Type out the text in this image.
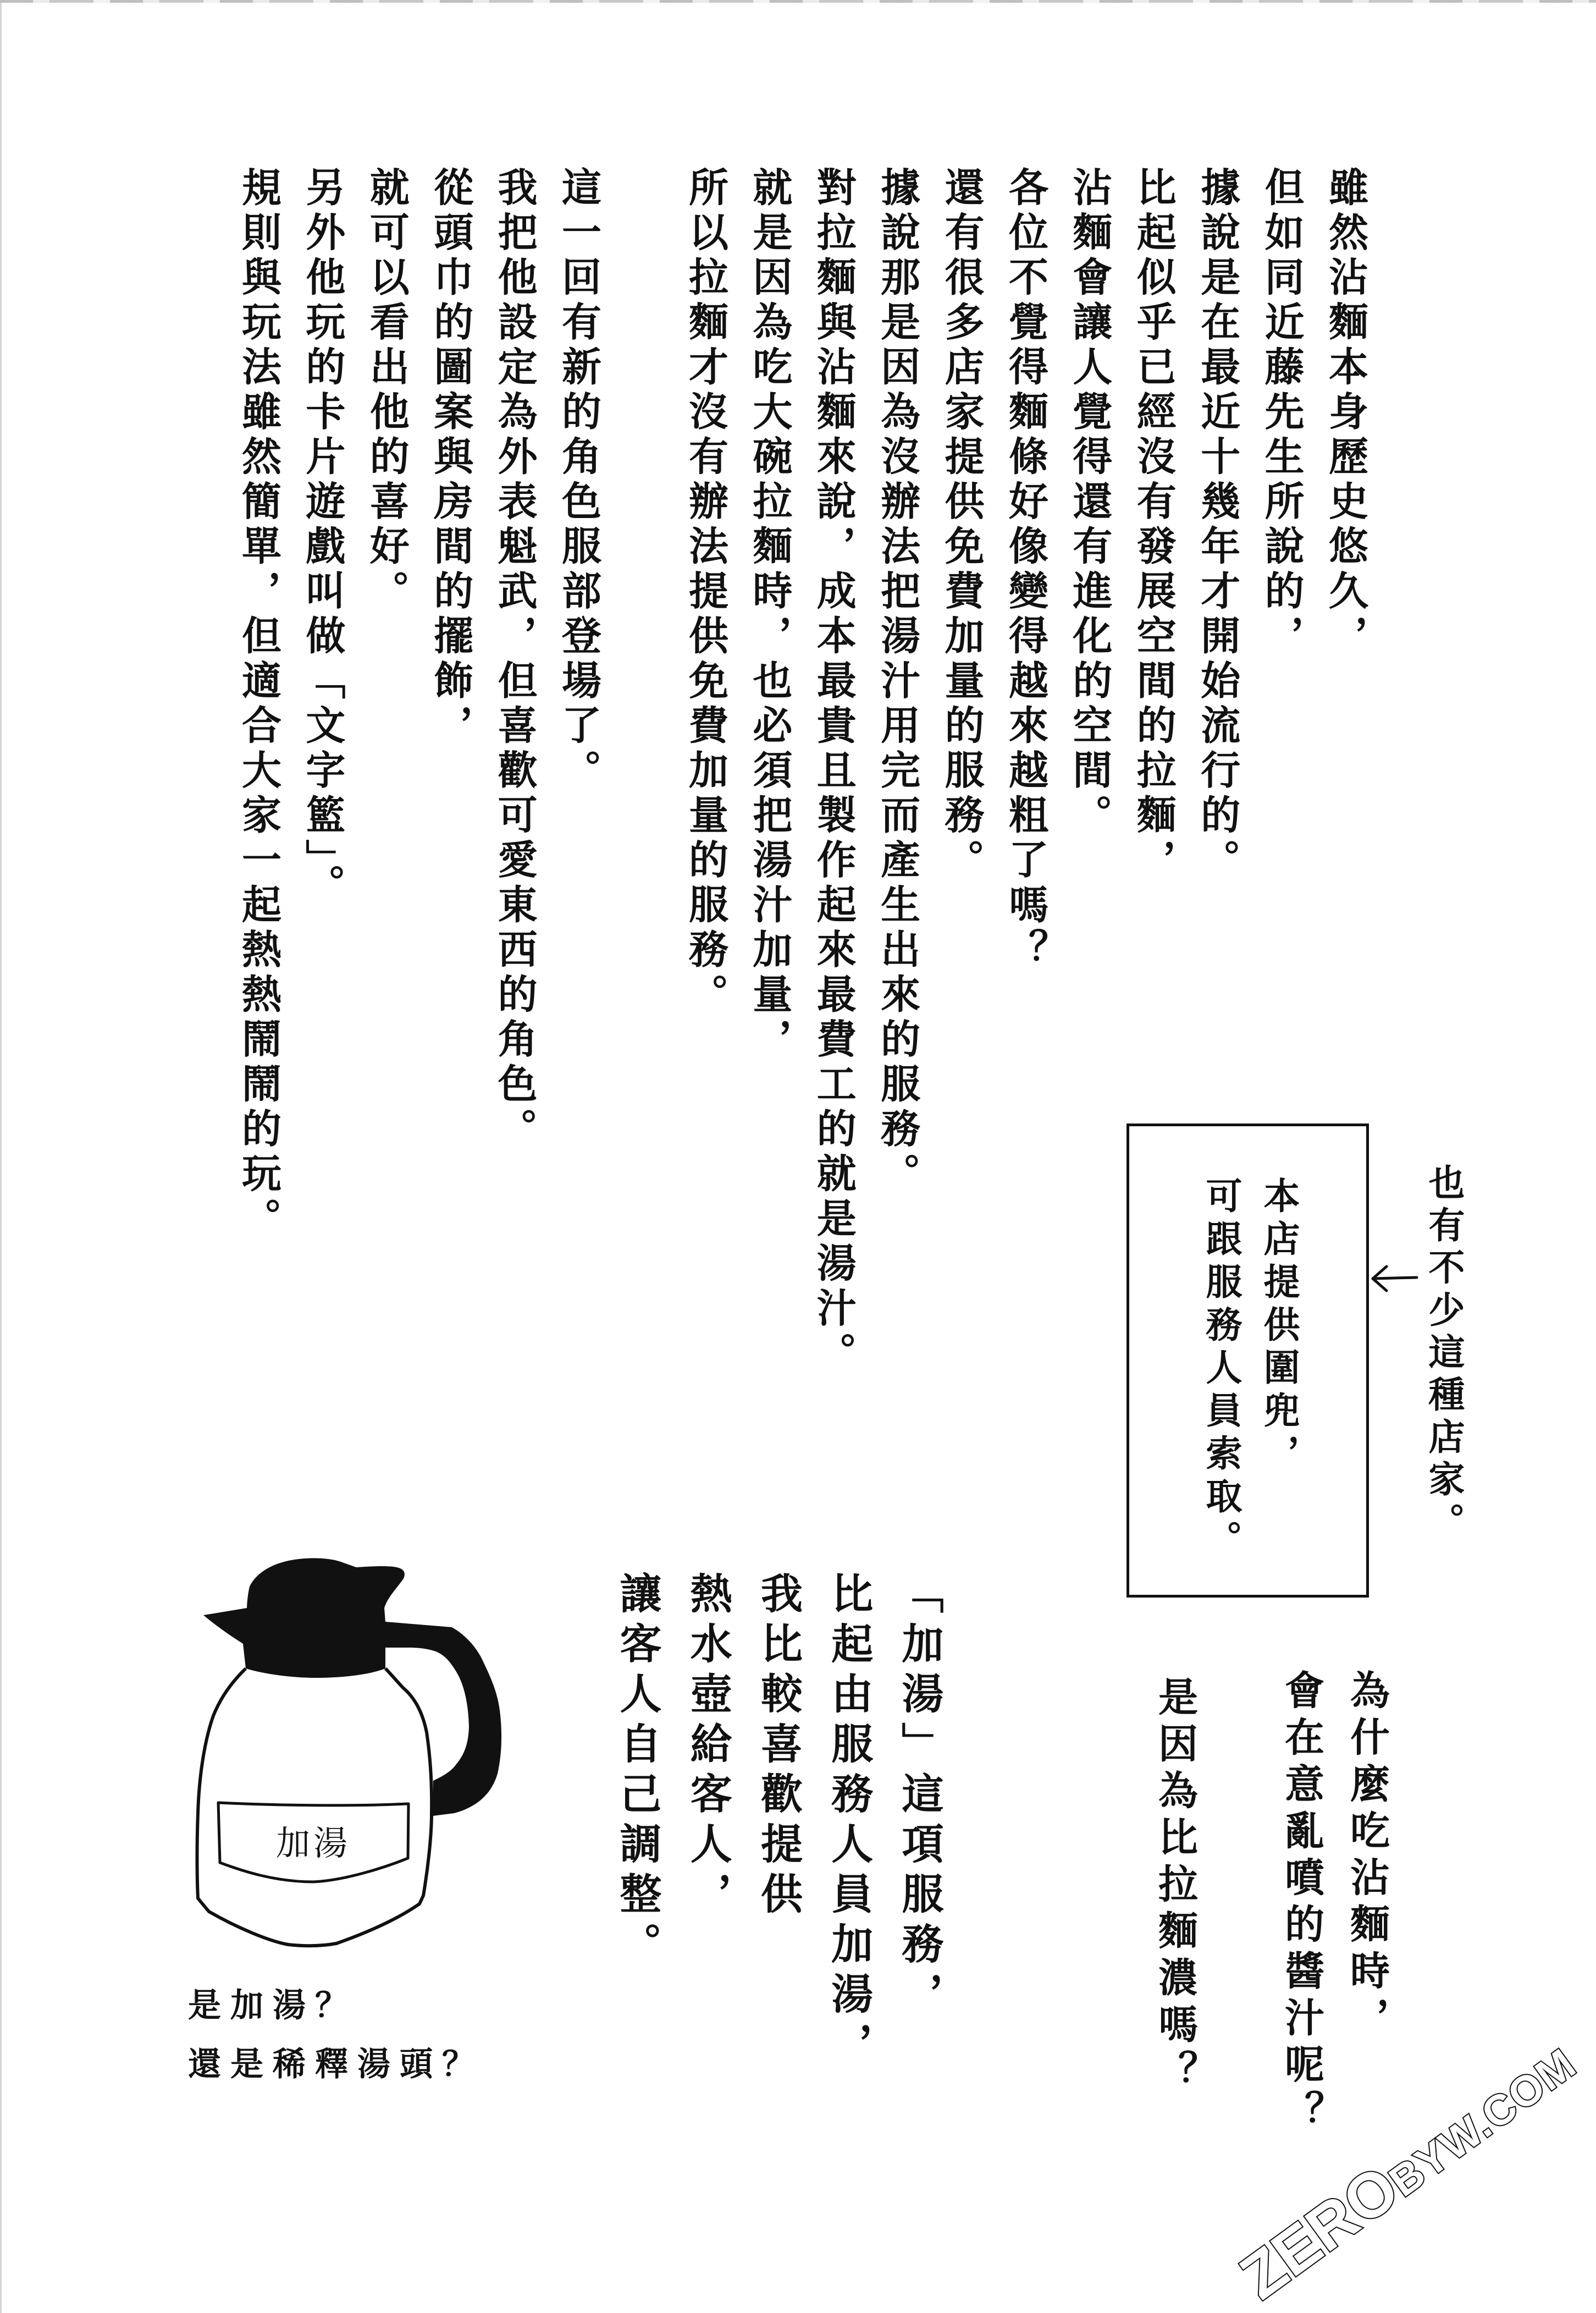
雖然沾麵本身歷史悠久，
但如同近藤先生所說的，
據說是在最近十幾年才開始流行的。
比起似乎已經沒有發展空間的拉麵，
沾麵會讓人覺得還有進化的空間。
各位不覺得麵條好像變得越來越粗了嗎？
還有很多店家提供免費加量的服務。
據說那是因為沒辦法把湯汁用完而產生出來的服務。
對拉麵與沾麵來說，成本最貴且製作起來最費工的就是湯汁。
就是因為吃大碗拉麵時，也必須把湯汁加量，
所以拉麵才沒有辦法提供免費加量的服務。
這一回有新的角色服部登場了。
我把他設定為外表魁武，但喜歡可愛東西的角色。
從頭巾的圖案與房間的擺飾，
就可以看出他的喜好。
另外他玩的卡片遊戲叫做「文字籃」。
規則與玩法雖然簡單，但適合大家一起熱熱鬧鬧的玩。
也有不少這種店家。
本店提供圍兜，
可跟服務人員索取。
為什麼吃沾麵時，
會在意亂噴的醬汁呢？
是因為比拉麵濃嗎？
「加湯」這項服務，
比起由服務人員加湯，
我比較喜歡提供
熱水壺給客人，
讓客人自己調整。
加湯
是加湯？
還是稀釋湯頭？
ZEROBYW.COM
